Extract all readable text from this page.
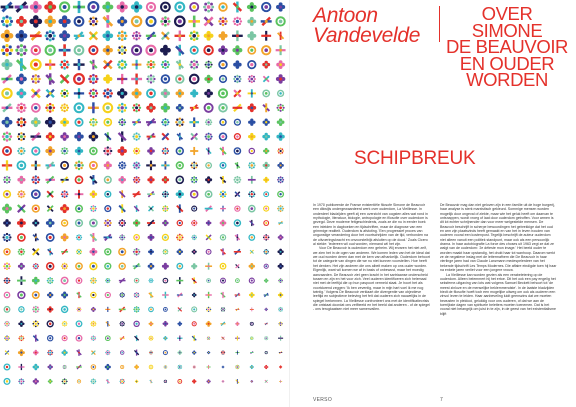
Antoon
Vandevelde
OVER SIMONE
DE BEAUVOIR
EN OUDER
WORDEN
SCHIPBREUK

In 1970 publiceerde de Franse existentiële filosofe Simone de Beauvoir een dikwijls ondergewaardeerd werk over ouderdom, La Vieillesse. In onderdeel bladzijden geeft zij een overzicht van oogsten alles wat rond in mythologie, literatuur, biologie, antropologie en filosofie over ouderdom is gezegd. Deze moderne feitgeschiedenis, zoals ze die nu in eerder boek een inleiden in dagboeken en tijdschriften, maar de diagnose van een grimmige realiteit. Ouderdom is afstoting. 'Een progressief proces van ongunstige verandering door het voortschrijden van de tijd, verbonden na de uitvoeringskracht en onvoorstelbijk afsluiten op de dood.' Zoals Cicero al stelde: 'iedereen wil oud worden, niemand wil het zijn.

Voor De Beauvoir is ouderdom een geheim. Wij ervaren het niet zelf, we zien het in de ogen van anderen. We komen leden van het de ideal dat we oud worden deren dan met de kern van afhankelijk. Ouderdom behoort tot de categorie van dingen die we nu niet kunnen voorstellen. Hoe heeft het denken. Het zijn anderen die ons albeit maken op ons ouder worden. Eigenlijk, want wil komen we af in basis of onbewust, maar het moedig aanvaarden. De Beauvoir ziet geen kracht in het sartriaanse onderscheid tussen en zijn en het voor zich. Veel ouderen identificeren zich helemaal niet met de leeftijd die op hun paspoort vermeld staat. Je hoort het als voortdurend zeggen: 'Ik ben zeventig, maar in mijn hart voel ik me nog twintig.' Volgens De Beauvoir verklaart die divergentie van objectieve leeftijd en subjectieve beleving het feit dat ouderen zich nauwelijks in de spiegel herkennen. La Vieillesse confronteert ons met de identificatiecrisis die ontstaat doordat ons zelfbeeld en het beeld dat anderen - of de spiegel - ons terugkaatsen niet meer samenvallen.

De Beauvoir mag dan niet geloven zijn in een familie uit de hoge burgerij, haar analyse is sterk marxistisch gekleurd. Sommige mensen worden mogelijk door ongeval of ziekte, maar wie het geluk heeft om daarvan te ontsnappen, wordt vroeg of laat door ouderdom getroffen. Voor armen is dit lot echter schrijnender dan voor meer welgestelde mensen. De Beauvoir beschrijft in scherpe bewoordingen het gebrekkige dat het oud en arm zijn plaatsvinds heeft gemaakt en van het in leven houden van ouderen vooral een kostenpost. Tegelijk beschrijft de auteur ouderdom niet alleen vanuit een politiek standpunt, maar ook als een persoonlijk drama. In haar autobiografie La force des choses uit 1963 zegt ze dat ze walgt van de ouderdom: 'Je déteste mon image.' Het beeld ouder te worden maakt haar opstandig, het drukt haar tot wanhoop. Daarom werkt ze de negatieve inslag met de lettermafhem die De Beauvoir in haar vierlinge jaren had van Claude Lanzmann medespelerdeer van het bekende tijdschrift Les Temps Modernes. Die affaire eindigde toen hij haar na enkele jaren verliet voor een jongere vrouw.

La Vieillesse kan worden gezien als een verabeletering op de ouderdom. Alleen belemmert hij het ertoe. Dit het ook een pay engelig het seksferne-uitgaving van lots wat volgens Samuel Beckett behoort tot 'de meest zinloze en de menselijke beklemmendste'. In de laatste bladzijden biedt de filosofie hoeft toch een mogelijke uitweg om ook als ouderen een zinvol leven te leiden. Haar aanbeveling luidt geenszins dat we moeten bewusten in pleidooi, gelukkig voor ons ouderen, of dat we aan de toerrijkste dagen van spirituele beletters moeten toenemen. Dat is het vooral niet belangrijk om juist in te zijn, in de geest van het existentialisme blijft

VERSO	7
